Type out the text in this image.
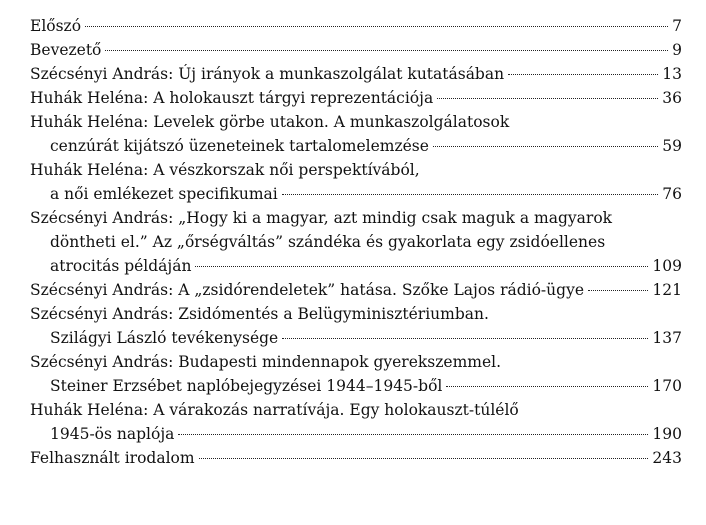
Előszó	7
Bevezető	9
Szécsényi András: Új irányok a munkaszolgálat kutatásában	13
Huhák Heléna: A holokauszt tárgyi reprezentációja	36
Huhák Heléna: Levelek görbe utakon. A munkaszolgálatosok
cenzúrát kijátszó üzeneteinek tartalomelemzése	59
Huhák Heléna: A vészkorszak női perspektívából,
a női emlékezet specifikumai	76
Szécsényi András: „Hogy ki a magyar, azt mindig csak maguk a magyarok
döntheti el.” Az „őrségváltás” szándéka és gyakorlata egy zsidóellenes
atrocitás példáján	109
Szécsényi András: A „zsidórendeletek” hatása. Szőke Lajos rádió-ügye	121
Szécsényi András: Zsidómentés a Belügyminisztériumban.
Szilágyi László tevékenysége	137
Szécsényi András: Budapesti mindennapok gyerekszemmel.
Steiner Erzsébet naplóbejegyzései 1944–1945-ből	170
Huhák Heléna: A várakozás narratívája. Egy holokauszt-túlélő
1945-ös naplója	190
Felhasznált irodalom	243
